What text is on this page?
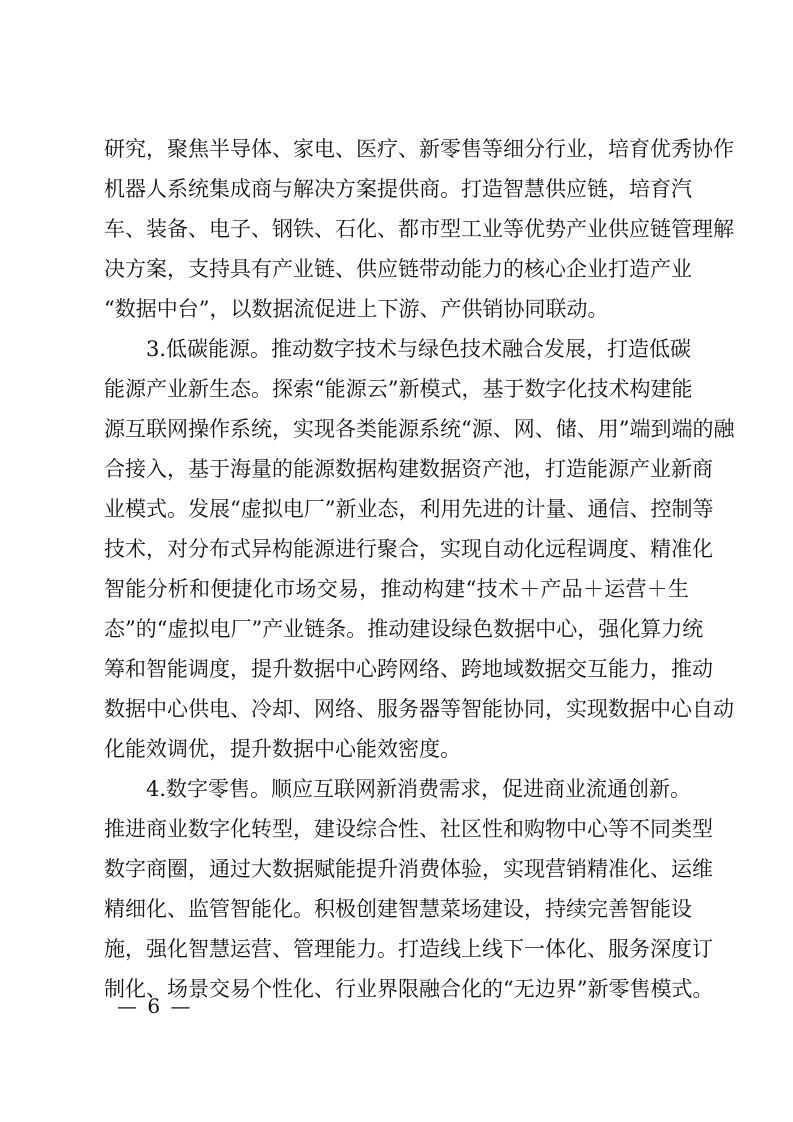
研究，聚焦半导体、家电、医疗、新零售等细分行业，培育优秀协作
机器人系统集成商与解决方案提供商。打造智慧供应链，培育汽
车、装备、电子、钢铁、石化、都市型工业等优势产业供应链管理解
决方案，支持具有产业链、供应链带动能力的核心企业打造产业
“数据中台”，以数据流促进上下游、产供销协同联动。
3.低碳能源。推动数字技术与绿色技术融合发展，打造低碳
能源产业新生态。探索“能源云”新模式，基于数字化技术构建能
源互联网操作系统，实现各类能源系统“源、网、储、用”端到端的融
合接入，基于海量的能源数据构建数据资产池，打造能源产业新商
业模式。发展“虚拟电厂”新业态，利用先进的计量、通信、控制等
技术，对分布式异构能源进行聚合，实现自动化远程调度、精准化
智能分析和便捷化市场交易，推动构建“技术＋产品＋运营＋生
态”的“虚拟电厂”产业链条。推动建设绿色数据中心，强化算力统
筹和智能调度，提升数据中心跨网络、跨地域数据交互能力，推动
数据中心供电、冷却、网络、服务器等智能协同，实现数据中心自动
化能效调优，提升数据中心能效密度。
4.数字零售。顺应互联网新消费需求，促进商业流通创新。
推进商业数字化转型，建设综合性、社区性和购物中心等不同类型
数字商圈，通过大数据赋能提升消费体验，实现营销精准化、运维
精细化、监管智能化。积极创建智慧菜场建设，持续完善智能设
施，强化智慧运营、管理能力。打造线上线下一体化、服务深度订
制化、场景交易个性化、行业界限融合化的“无边界”新零售模式。
— 6 —
